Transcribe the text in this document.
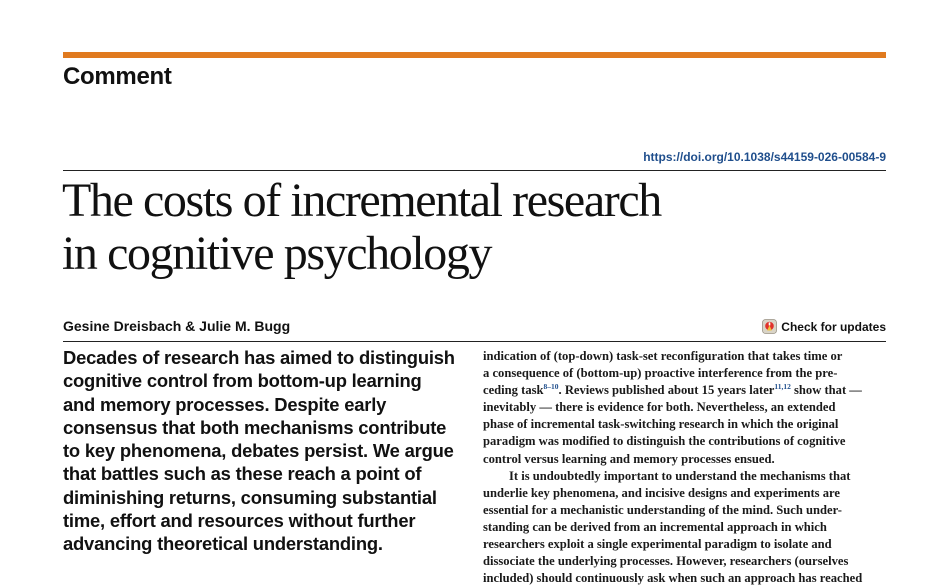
Comment
https://doi.org/10.1038/s44159-026-00584-9
The costs of incremental research
in cognitive psychology
Gesine Dreisbach & Julie M. Bugg	Check for updates
Decades of research has aimed to distinguish
cognitive control from bottom-up learning
and memory processes. Despite early
consensus that both mechanisms contribute
to key phenomena, debates persist. We argue
that battles such as these reach a point of
diminishing returns, consuming substantial
time, effort and resources without further
advancing theoretical understanding.
indication of (top-down) task-set reconfiguration that takes time or
a consequence of (bottom-up) proactive interference from the pre-
ceding task$^{8-10}$. Reviews published about 15 years later$^{11,12}$ show that —
inevitably — there is evidence for both. Nevertheless, an extended
phase of incremental task-switching research in which the original
paradigm was modified to distinguish the contributions of cognitive
control versus learning and memory processes ensued.
It is undoubtedly important to understand the mechanisms that
underlie key phenomena, and incisive designs and experiments are
essential for a mechanistic understanding of the mind. Such under-
standing can be derived from an incremental approach in which
researchers exploit a single experimental paradigm to isolate and
dissociate the underlying processes. However, researchers (ourselves
included) should continuously ask when such an approach has reached
